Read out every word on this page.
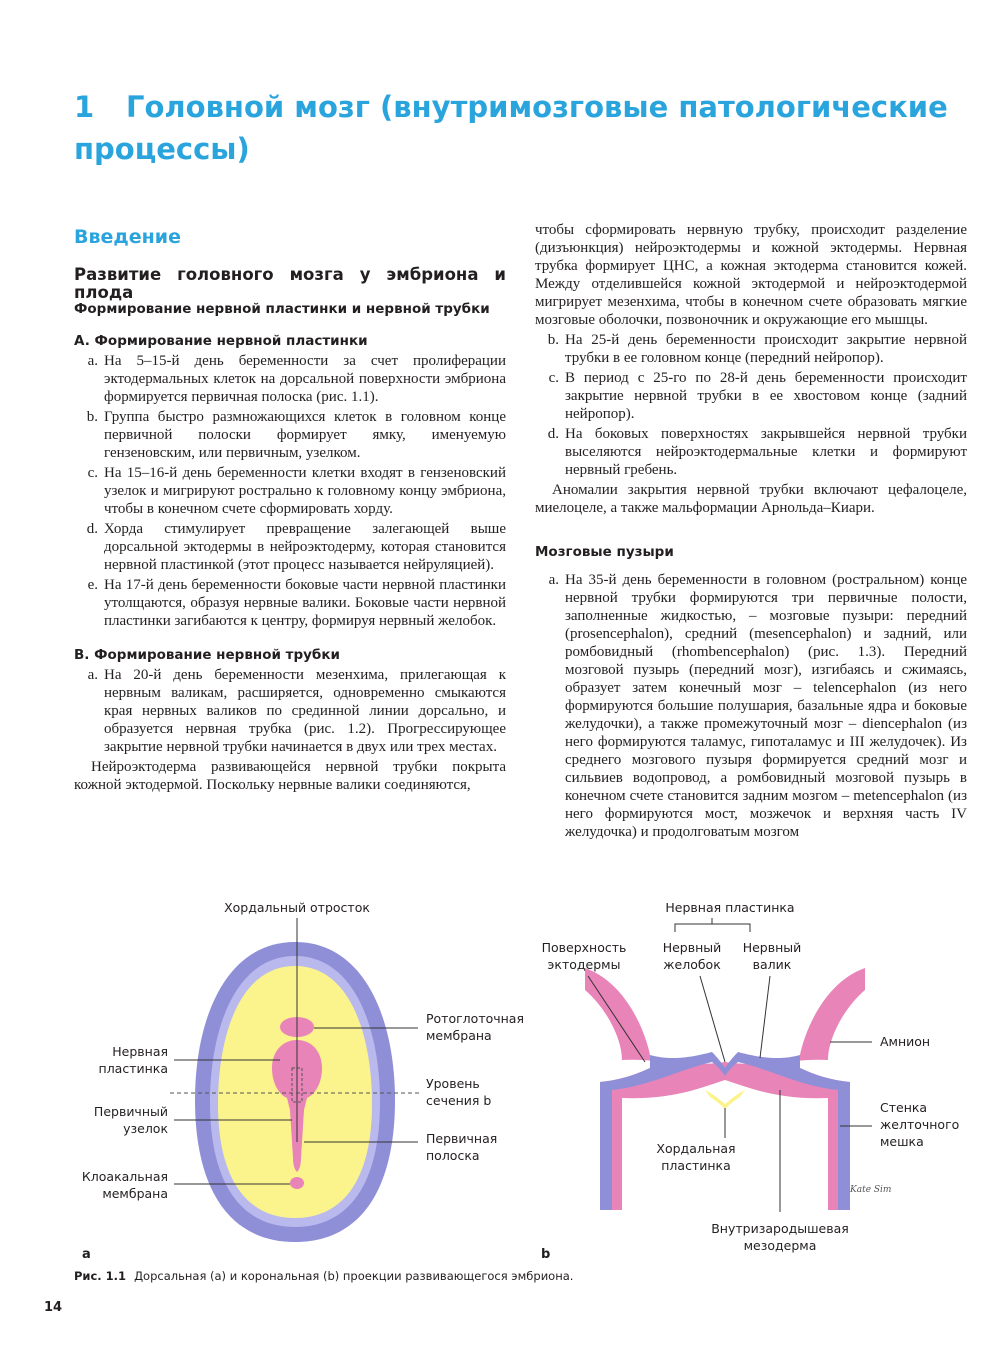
1 Головной мозг (внутримозговые патологические
процессы)
Введение
Развитие головного мозга у эмбриона и плода
Формирование нервной пластинки и нервной трубки
A. Формирование нервной пластинки
a. На 5–15-й день беременности за счет пролиферации эктодермальных клеток на дорсальной поверхности эмбриона формируется первичная полоска (рис. 1.1).
b. Группа быстро размножающихся клеток в головном конце первичной полоски формирует ямку, именуемую гензеновским, или первичным, узелком.
c. На 15–16-й день беременности клетки входят в гензеновский узелок и мигрируют рострально к головному концу эмбриона, чтобы в конечном счете сформировать хорду.
d. Хорда стимулирует превращение залегающей выше дорсальной эктодермы в нейроэктодерму, которая становится нервной пластинкой (этот процесс называется нейруляцией).
e. На 17-й день беременности боковые части нервной пластинки утолщаются, образуя нервные валики. Боковые части нервной пластинки загибаются к центру, формируя нервный желобок.
B. Формирование нервной трубки
a. На 20-й день беременности мезенхима, прилегающая к нервным валикам, расширяется, одновременно смыкаются края нервных валиков по срединной линии дорсально, и образуется нервная трубка (рис. 1.2). Прогрессирующее закрытие нервной трубки начинается в двух или трех местах.
Нейроэктодерма развивающейся нервной трубки покрыта кожной эктодермой. Поскольку нервные валики соединяются,
чтобы сформировать нервную трубку, происходит разделение (дизъюнкция) нейроэктодермы и кожной эктодермы. Нервная трубка формирует ЦНС, а кожная эктодерма становится кожей. Между отделившейся кожной эктодермой и нейроэктодермой мигрирует мезенхима, чтобы в конечном счете образовать мягкие мозговые оболочки, позвоночник и окружающие его мышцы.
b. На 25-й день беременности происходит закрытие нервной трубки в ее головном конце (передний нейропор).
c. В период с 25-го по 28-й день беременности происходит закрытие нервной трубки в ее хвостовом конце (задний нейропор).
d. На боковых поверхностях закрывшейся нервной трубки выселяются нейроэктодермальные клетки и формируют нервный гребень.
Аномалии закрытия нервной трубки включают цефалоцеле, миелоцеле, а также мальформации Арнольда–Киари.
Мозговые пузыри
a. На 35-й день беременности в головном (ростральном) конце нервной трубки формируются три первичные полости, заполненные жидкостью, – мозговые пузыри: передний (prosencephalon), средний (mesencephalon) и задний, или ромбовидный (rhombencephalon) (рис. 1.3). Передний мозговой пузырь (передний мозг), изгибаясь и сжимаясь, образует затем конечный мозг – telencephalon (из него формируются большие полушария, базальные ядра и боковые желудочки), а также промежуточный мозг – diencephalon (из него формируются таламус, гипоталамус и III желудочек). Из среднего мозгового пузыря формируется средний мозг и сильвиев водопровод, а ромбовидный мозговой пузырь в конечном счете становится задним мозгом – metencephalon (из него формируются мост, мозжечок и верхняя часть IV желудочка) и продолговатым мозгом
Хордальный отросток
Ротоглоточная
мембрана
Нервная
пластинка
Уровень
сечения b
Первичный
узелок
Первичная
полоска
Клоакальная
мембрана
a
Kate Sim
Нервная пластинка
Поверхность
эктодермы
Нервный
желобок
Нервный
валик
Амнион
Стенка
желточного
мешка
Хордальная
пластинка
Внутризародышевая
мезодерма
b
Рис. 1.1 Дорсальная (a) и корональная (b) проекции развивающегося эмбриона.
14
